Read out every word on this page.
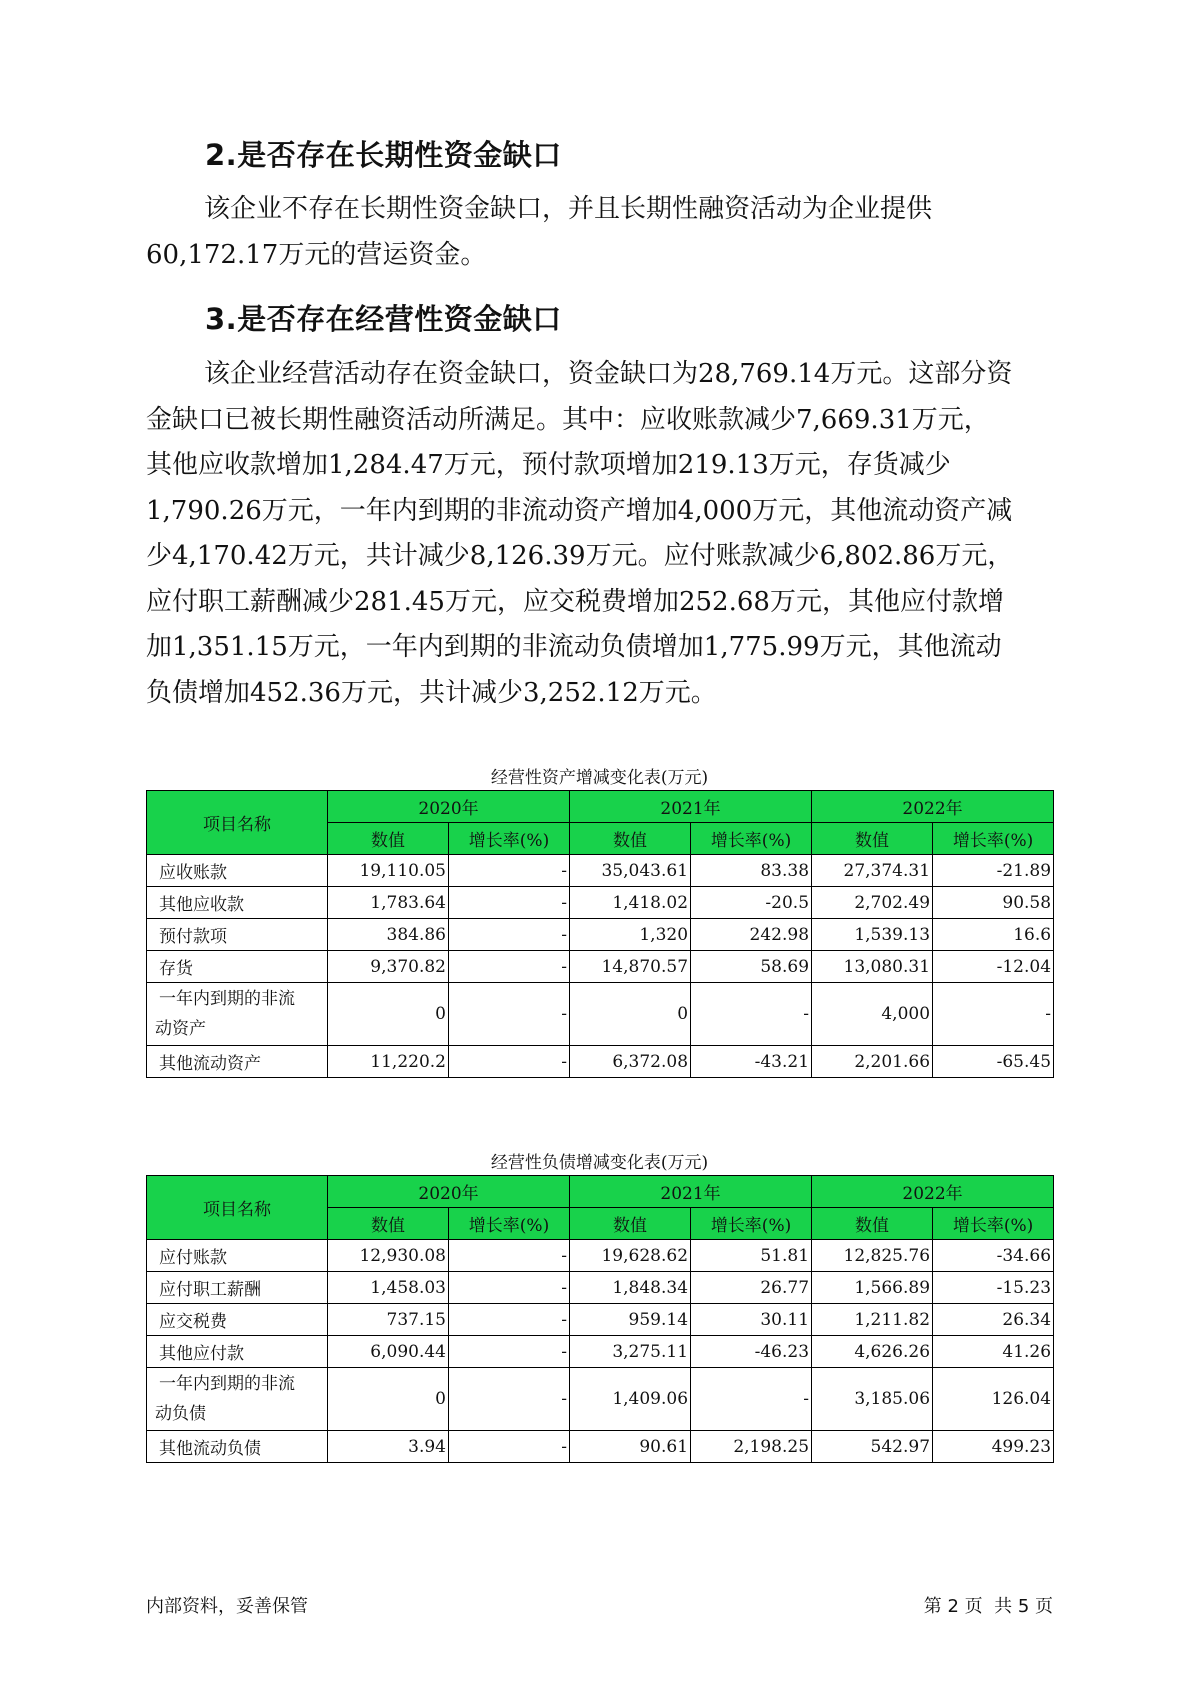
2.是否存在长期性资金缺口
该企业不存在长期性资金缺口，并且长期性融资活动为企业提供
60,172.17万元的营运资金。
3.是否存在经营性资金缺口
该企业经营活动存在资金缺口，资金缺口为28,769.14万元。这部分资
金缺口已被长期性融资活动所满足。其中：应收账款减少7,669.31万元，
其他应收款增加1,284.47万元，预付款项增加219.13万元，存货减少
1,790.26万元，一年内到期的非流动资产增加4,000万元，其他流动资产减
少4,170.42万元，共计减少8,126.39万元。应付账款减少6,802.86万元，
应付职工薪酬减少281.45万元，应交税费增加252.68万元，其他应付款增
加1,351.15万元，一年内到期的非流动负债增加1,775.99万元，其他流动
负债增加452.36万元，共计减少3,252.12万元。
经营性资产增减变化表(万元)
项目名称	2020年		2021年		2022年	
	数值	增长率(%)	数值	增长率(%)	数值	增长率(%)
应收账款	19,110.05	-	35,043.61	83.38	27,374.31	-21.89
其他应收款	1,783.64	-	1,418.02	-20.5	2,702.49	90.58
预付款项	384.86	-	1,320	242.98	1,539.13	16.6
存货	9,370.82	-	14,870.57	58.69	13,080.31	-12.04

一年内到期的非流
动资产	0	-	0	-	4,000	-
其他流动资产	11,220.2	-	6,372.08	-43.21	2,201.66	-65.45
经营性负债增减变化表(万元)
项目名称	2020年		2021年		2022年	
	数值	增长率(%)	数值	增长率(%)	数值	增长率(%)
应付账款	12,930.08	-	19,628.62	51.81	12,825.76	-34.66
应付职工薪酬	1,458.03	-	1,848.34	26.77	1,566.89	-15.23
应交税费	737.15	-	959.14	30.11	1,211.82	26.34
其他应付款	6,090.44	-	3,275.11	-46.23	4,626.26	41.26

一年内到期的非流
动负债	0	-	1,409.06	-	3,185.06	126.04
其他流动负债	3.94	-	90.61	2,198.25	542.97	499.23
内部资料，妥善保管	第 2 页  共 5 页
